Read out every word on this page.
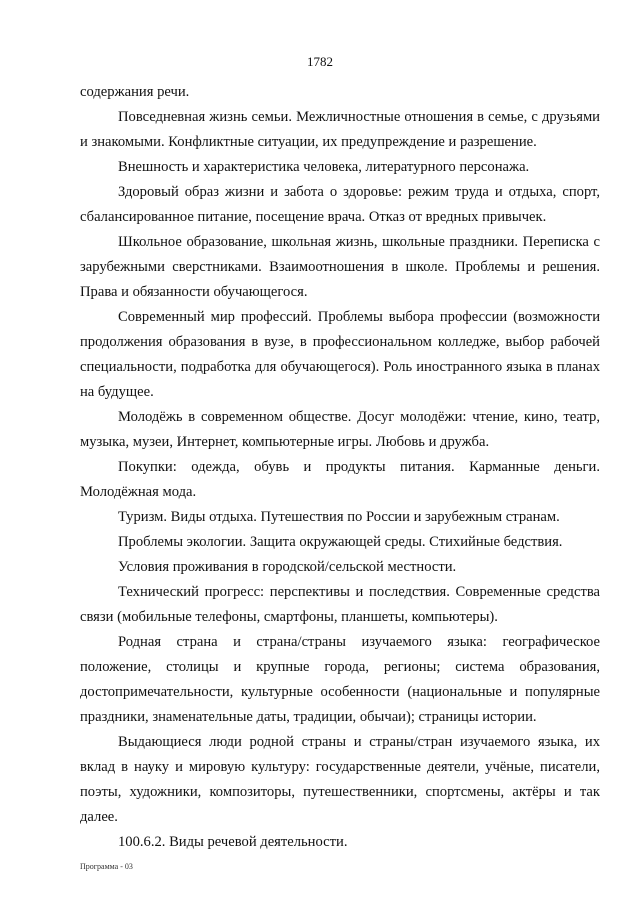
1782

содержания речи.

Повседневная жизнь семьи. Межличностные отношения в семье, с друзьями и знакомыми. Конфликтные ситуации, их предупреждение и разрешение.

Внешность и характеристика человека, литературного персонажа.

Здоровый образ жизни и забота о здоровье: режим труда и отдыха, спорт, сбалансированное питание, посещение врача. Отказ от вредных привычек.

Школьное образование, школьная жизнь, школьные праздники. Переписка с зарубежными сверстниками. Взаимоотношения в школе. Проблемы и решения. Права и обязанности обучающегося.

Современный мир профессий. Проблемы выбора профессии (возможности продолжения образования в вузе, в профессиональном колледже, выбор рабочей специальности, подработка для обучающегося). Роль иностранного языка в планах на будущее.

Молодёжь в современном обществе. Досуг молодёжи: чтение, кино, театр, музыка, музеи, Интернет, компьютерные игры. Любовь и дружба.

Покупки: одежда, обувь и продукты питания. Карманные деньги. Молодёжная мода.

Туризм. Виды отдыха. Путешествия по России и зарубежным странам.

Проблемы экологии. Защита окружающей среды. Стихийные бедствия.

Условия проживания в городской/сельской местности.

Технический прогресс: перспективы и последствия. Современные средства связи (мобильные телефоны, смартфоны, планшеты, компьютеры).

Родная страна и страна/страны изучаемого языка: географическое положение, столицы и крупные города, регионы; система образования, достопримечательности, культурные особенности (национальные и популярные праздники, знаменательные даты, традиции, обычаи); страницы истории.

Выдающиеся люди родной страны и страны/стран изучаемого языка, их вклад в науку и мировую культуру: государственные деятели, учёные, писатели, поэты, художники, композиторы, путешественники, спортсмены, актёры и так далее.

100.6.2. Виды речевой деятельности.

Программа - 03
